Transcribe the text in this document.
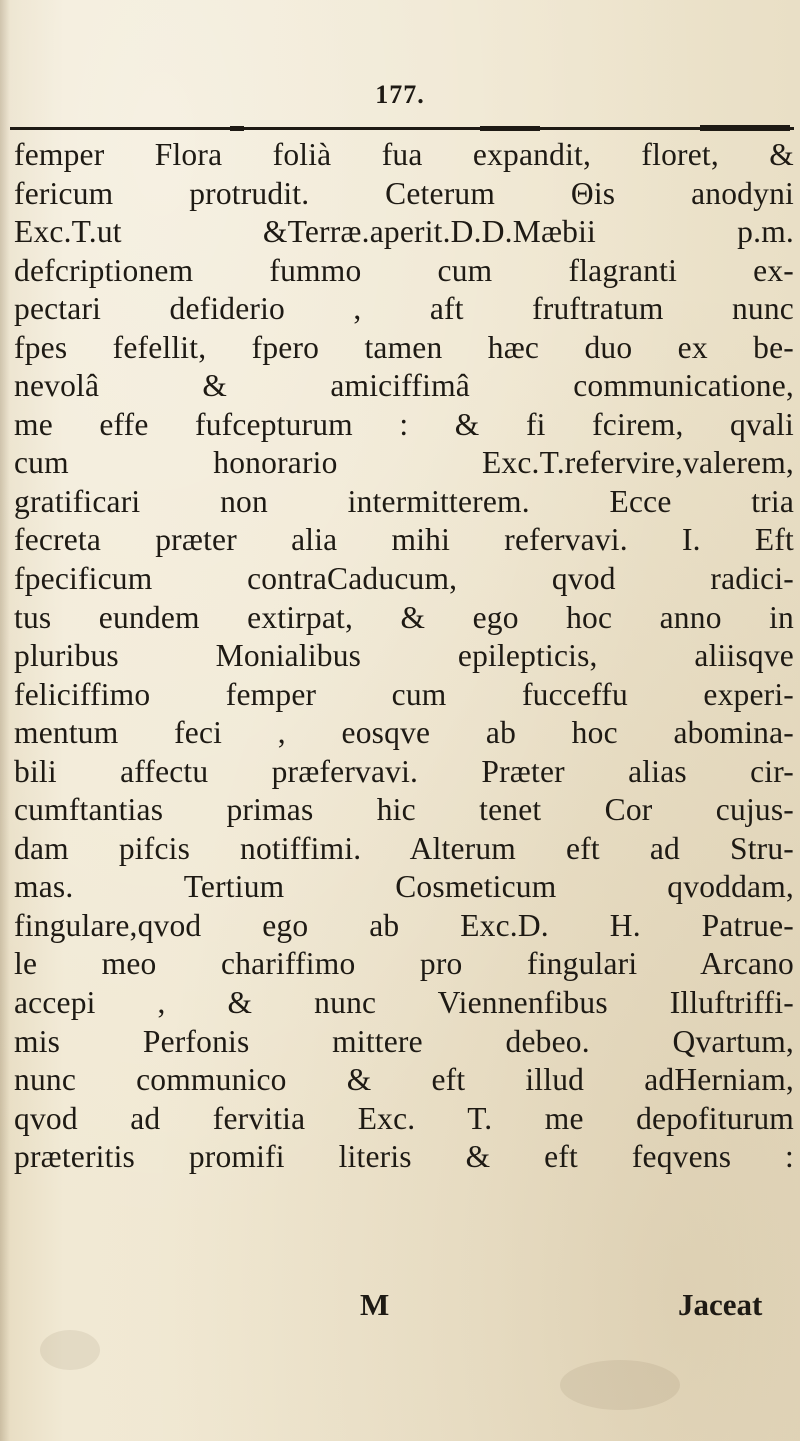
177.
femper Flora folià fua expandit, floret, &
fericum protrudit. Ceterum Θis anodyni
Exc.T.ut &Terræ.aperit.D.D.Mæbii p.m.
defcriptionem fummo cum flagranti ex-
pectari defiderio , aft fruftratum nunc
fpes fefellit, fpero tamen hæc duo ex be-
nevolâ & amiciffimâ communicatione,
me effe fufcepturum : & fi fcirem, qvali
cum honorario Exc.T.refervire,valerem,
gratificari non intermitterem. Ecce tria
fecreta præter alia mihi refervavi. I. Eft
fpecificum contraCaducum, qvod radici-
tus eundem extirpat, & ego hoc anno in
pluribus Monialibus epilepticis, aliisqve
feliciffimo femper cum fucceffu experi-
mentum feci , eosqve ab hoc abomina-
bili affectu præfervavi. Præter alias cir-
cumftantias primas hic tenet Cor cujus-
dam pifcis notiffimi. Alterum eft ad Stru-
mas. Tertium Cosmeticum qvoddam,
fingulare,qvod ego ab Exc.D. H. Patrue-
le meo chariffimo pro fingulari Arcano
accepi , & nunc Viennenfibus Illuftriffi-
mis Perfonis mittere debeo. Qvartum,
nunc communico & eft illud adHerniam,
qvod ad fervitia Exc. T. me depofiturum
præteritis promifi literis & eft feqvens :
M	Jaceat
